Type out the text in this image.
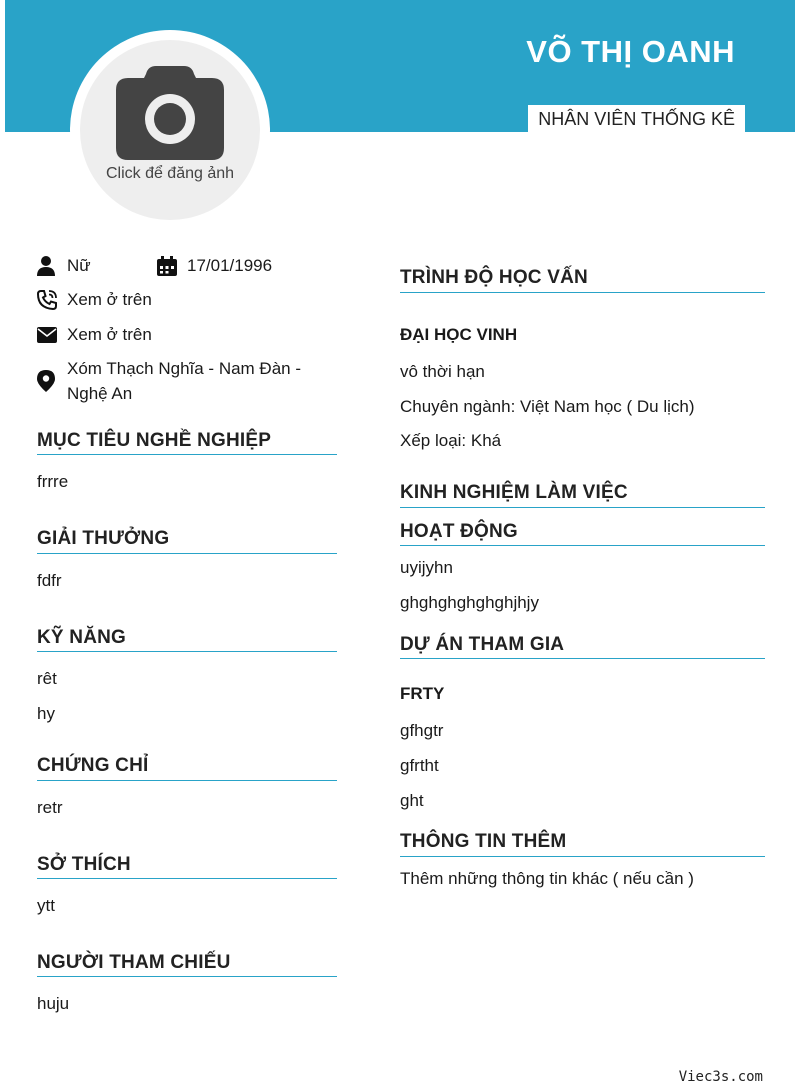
VÕ THỊ OANH
NHÂN VIÊN THỐNG KÊ
Click để đăng ảnh
Nữ	17/01/1996
Xem ở trên
Xem ở trên
Xóm Thạch Nghĩa - Nam Đàn -
Nghệ An
MỤC TIÊU NGHỀ NGHIỆP
frrre
GIẢI THƯỞNG
fdfr
KỸ NĂNG
rêt
hy
CHỨNG CHỈ
retr
SỞ THÍCH
ytt
NGƯỜI THAM CHIẾU
huju
TRÌNH ĐỘ HỌC VẤN
ĐẠI HỌC VINH
vô thời hạn
Chuyên ngành: Việt Nam học ( Du lịch)
Xếp loại: Khá
KINH NGHIỆM LÀM VIỆC
HOẠT ĐỘNG
uyijyhn
ghghghghghghjhjy
DỰ ÁN THAM GIA
FRTY
gfhgtr
gfrtht
ght
THÔNG TIN THÊM
Thêm những thông tin khác ( nếu cần )
Viec3s.com
